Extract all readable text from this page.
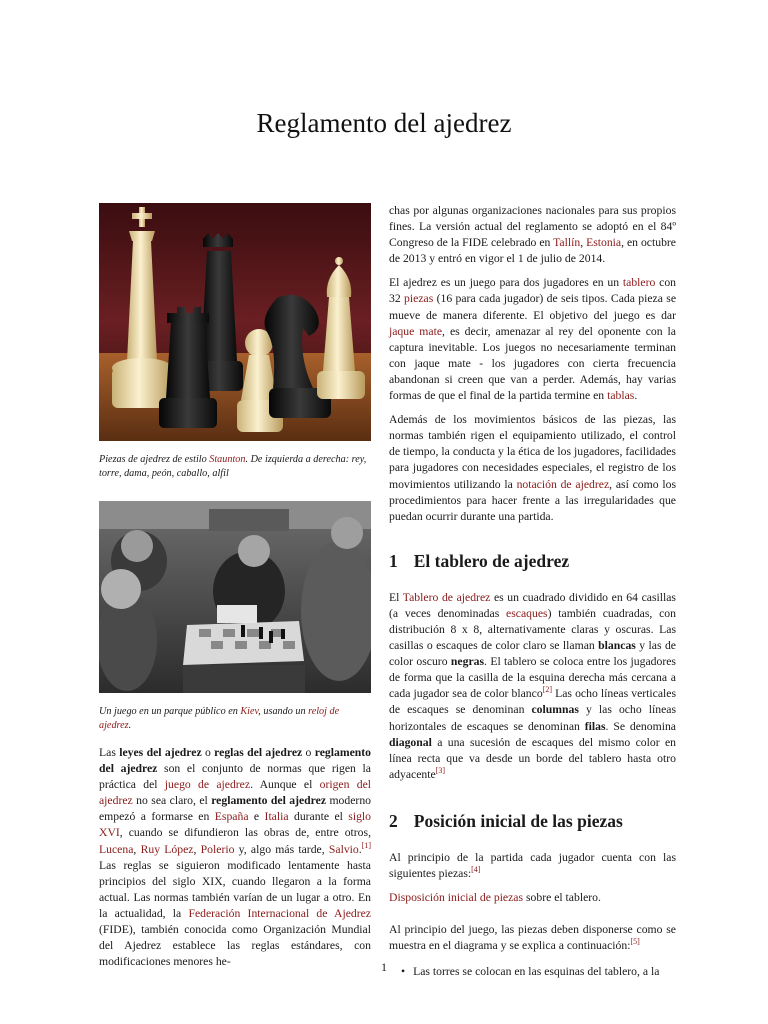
Reglamento del ajedrez

Piezas de ajedrez de estilo Staunton. De izquierda a derecha: rey, torre, dama, peón, caballo, alfil

Un juego en un parque público en Kiev, usando un reloj de ajedrez.

Las leyes del ajedrez o reglas del ajedrez o reglamento del ajedrez son el conjunto de normas que rigen la práctica del juego de ajedrez. Aunque el origen del ajedrez no sea claro, el reglamento del ajedrez moderno empezó a formarse en España e Italia durante el siglo XVI, cuando se difundieron las obras de, entre otros, Lucena, Ruy López, Polerio y, algo más tarde, Salvio.[1] Las reglas se siguieron modificado lentamente hasta principios del siglo XIX, cuando llegaron a la forma actual. Las normas también varían de un lugar a otro. En la actualidad, la Federación Internacional de Ajedrez (FIDE), también conocida como Organización Mundial del Ajedrez establece las reglas estándares, con modificaciones menores he-

chas por algunas organizaciones nacionales para sus propios fines. La versión actual del reglamento se adoptó en el 84º Congreso de la FIDE celebrado en Tallín, Estonia, en octubre de 2013 y entró en vigor el 1 de julio de 2014.

El ajedrez es un juego para dos jugadores en un tablero con 32 piezas (16 para cada jugador) de seis tipos. Cada pieza se mueve de manera diferente. El objetivo del juego es dar jaque mate, es decir, amenazar al rey del oponente con la captura inevitable. Los juegos no necesariamente terminan con jaque mate - los jugadores con cierta frecuencia abandonan si creen que van a perder. Además, hay varias formas de que el final de la partida termine en tablas.

Además de los movimientos básicos de las piezas, las normas también rigen el equipamiento utilizado, el control de tiempo, la conducta y la ética de los jugadores, facilidades para jugadores con necesidades especiales, el registro de los movimientos utilizando la notación de ajedrez, así como los procedimientos para hacer frente a las irregularidades que puedan ocurrir durante una partida.

1 El tablero de ajedrez

El Tablero de ajedrez es un cuadrado dividido en 64 casillas (a veces denominadas escaques) también cuadradas, con distribución 8 x 8, alternativamente claras y oscuras. Las casillas o escaques de color claro se llaman blancas y las de color oscuro negras. El tablero se coloca entre los jugadores de forma que la casilla de la esquina derecha más cercana a cada jugador sea de color blanco[2] Las ocho líneas verticales de escaques se denominan columnas y las ocho líneas horizontales de escaques se denominan filas. Se denomina diagonal a una sucesión de escaques del mismo color en línea recta que va desde un borde del tablero hasta otro adyacente[3]

2 Posición inicial de las piezas

Al principio de la partida cada jugador cuenta con las siguientes piezas:[4]

Disposición inicial de piezas sobre el tablero.

Al principio del juego, las piezas deben disponerse como se muestra en el diagrama y se explica a continuación:[5]

• Las torres se colocan en las esquinas del tablero, a la
1
